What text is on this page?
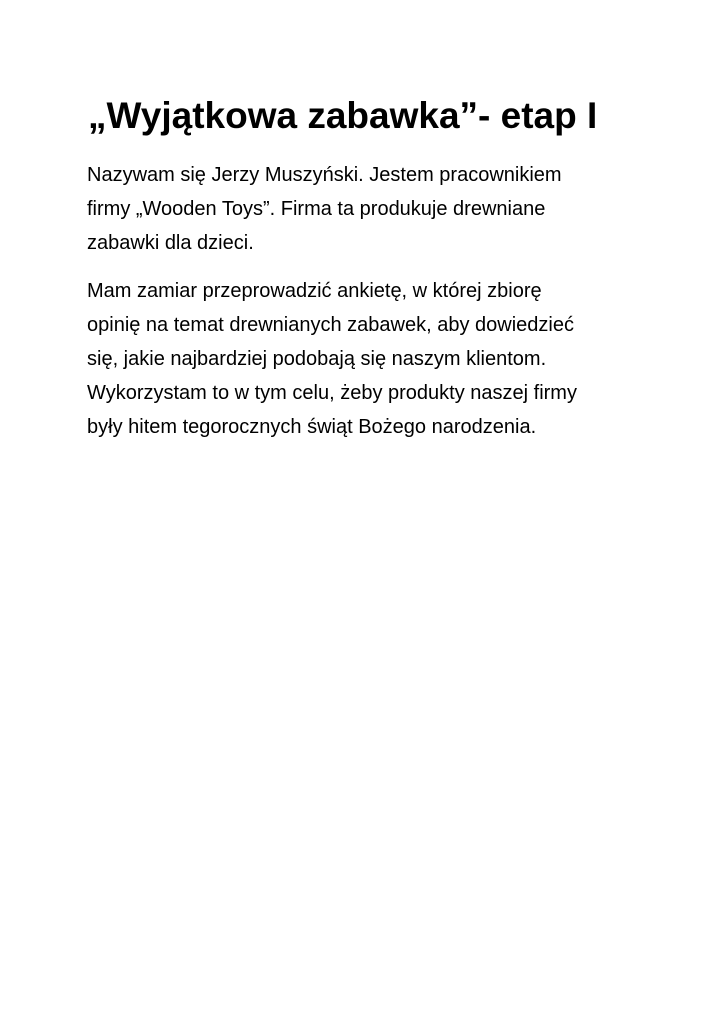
„Wyjątkowa zabawka”- etap I

Nazywam się Jerzy Muszyński. Jestem pracownikiem
firmy „Wooden Toys”. Firma ta produkuje drewniane
zabawki dla dzieci.

Mam zamiar przeprowadzić ankietę, w której zbiorę
opinię na temat drewnianych zabawek, aby dowiedzieć
się, jakie najbardziej podobają się naszym klientom.
Wykorzystam to w tym celu, żeby produkty naszej firmy
były hitem tegorocznych świąt Bożego narodzenia.
